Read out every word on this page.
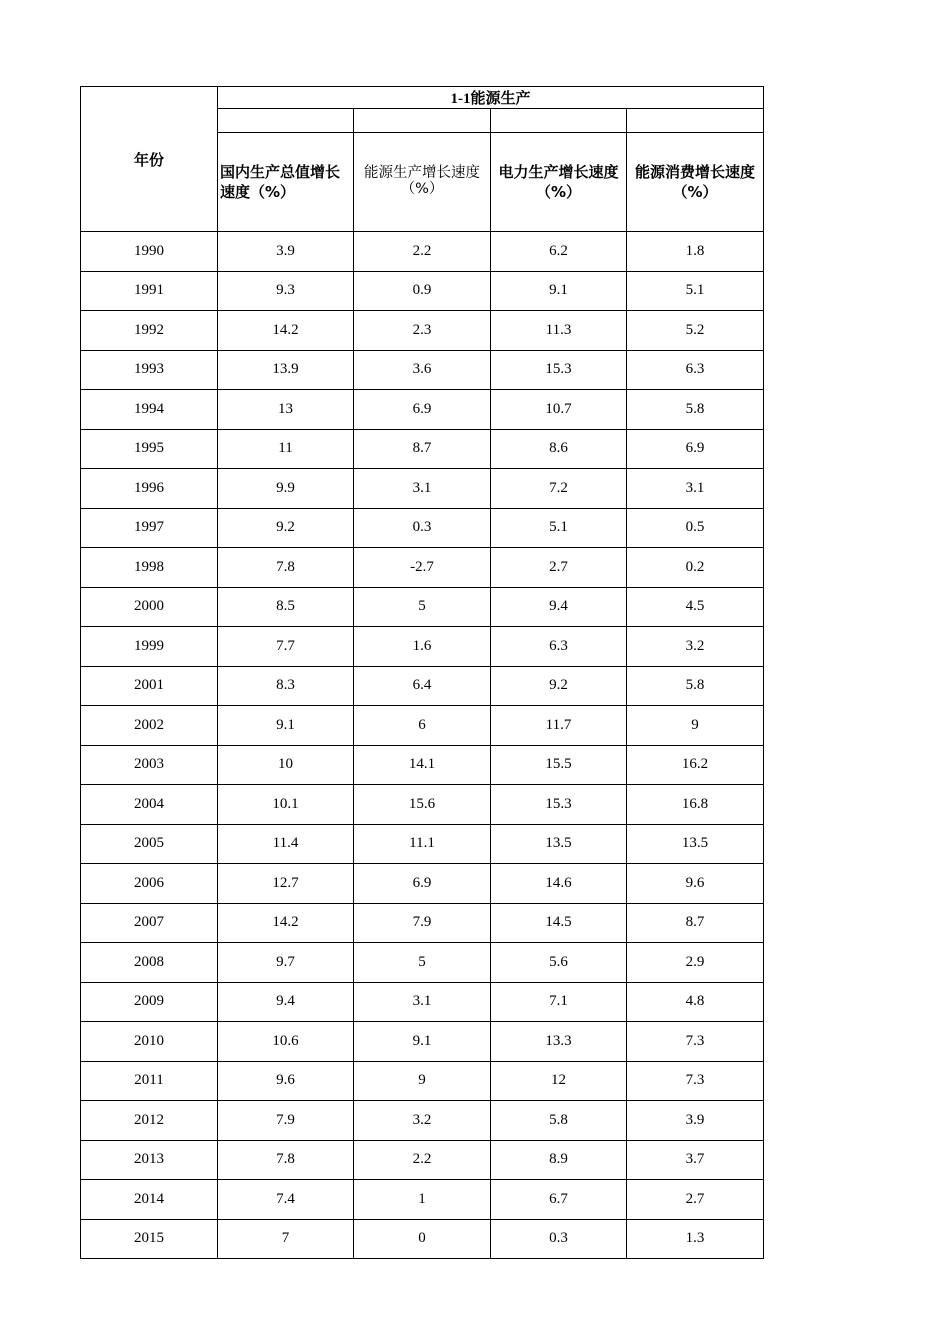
年份	1-1能源生产			

	国内生产总值增长速度（%）	能源生产增长速度（%）	电力生产增长速度（%）	能源消费增长速度（%）
1990	3.9	2.2	6.2	1.8
1991	9.3	0.9	9.1	5.1
1992	14.2	2.3	11.3	5.2
1993	13.9	3.6	15.3	6.3
1994	13	6.9	10.7	5.8
1995	11	8.7	8.6	6.9
1996	9.9	3.1	7.2	3.1
1997	9.2	0.3	5.1	0.5
1998	7.8	-2.7	2.7	0.2
2000	8.5	5	9.4	4.5
1999	7.7	1.6	6.3	3.2
2001	8.3	6.4	9.2	5.8
2002	9.1	6	11.7	9
2003	10	14.1	15.5	16.2
2004	10.1	15.6	15.3	16.8
2005	11.4	11.1	13.5	13.5
2006	12.7	6.9	14.6	9.6
2007	14.2	7.9	14.5	8.7
2008	9.7	5	5.6	2.9
2009	9.4	3.1	7.1	4.8
2010	10.6	9.1	13.3	7.3
2011	9.6	9	12	7.3
2012	7.9	3.2	5.8	3.9
2013	7.8	2.2	8.9	3.7
2014	7.4	1	6.7	2.7
2015	7	0	0.3	1.3
